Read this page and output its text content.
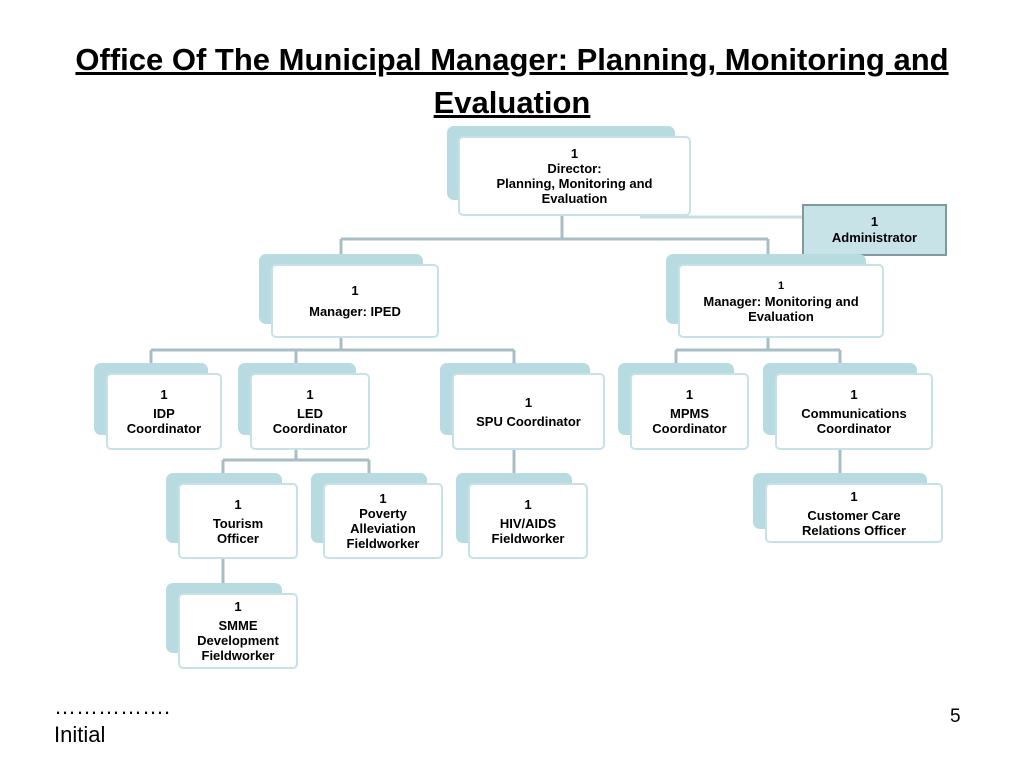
Office Of The Municipal Manager: Planning, Monitoring and Evaluation
1
Director:
Planning, Monitoring and
Evaluation
1
Administrator
1
Manager: IPED
1
Manager: Monitoring and
Evaluation
1
IDP
Coordinator
1
LED
Coordinator
1
SPU Coordinator
1
MPMS
Coordinator
1
Communications
Coordinator
1
Tourism
Officer
1
Poverty
Alleviation
Fieldworker
1
HIV/AIDS
Fieldworker
1
Customer Care
Relations Officer
1
SMME
Development
Fieldworker
…………….
Initial
5
